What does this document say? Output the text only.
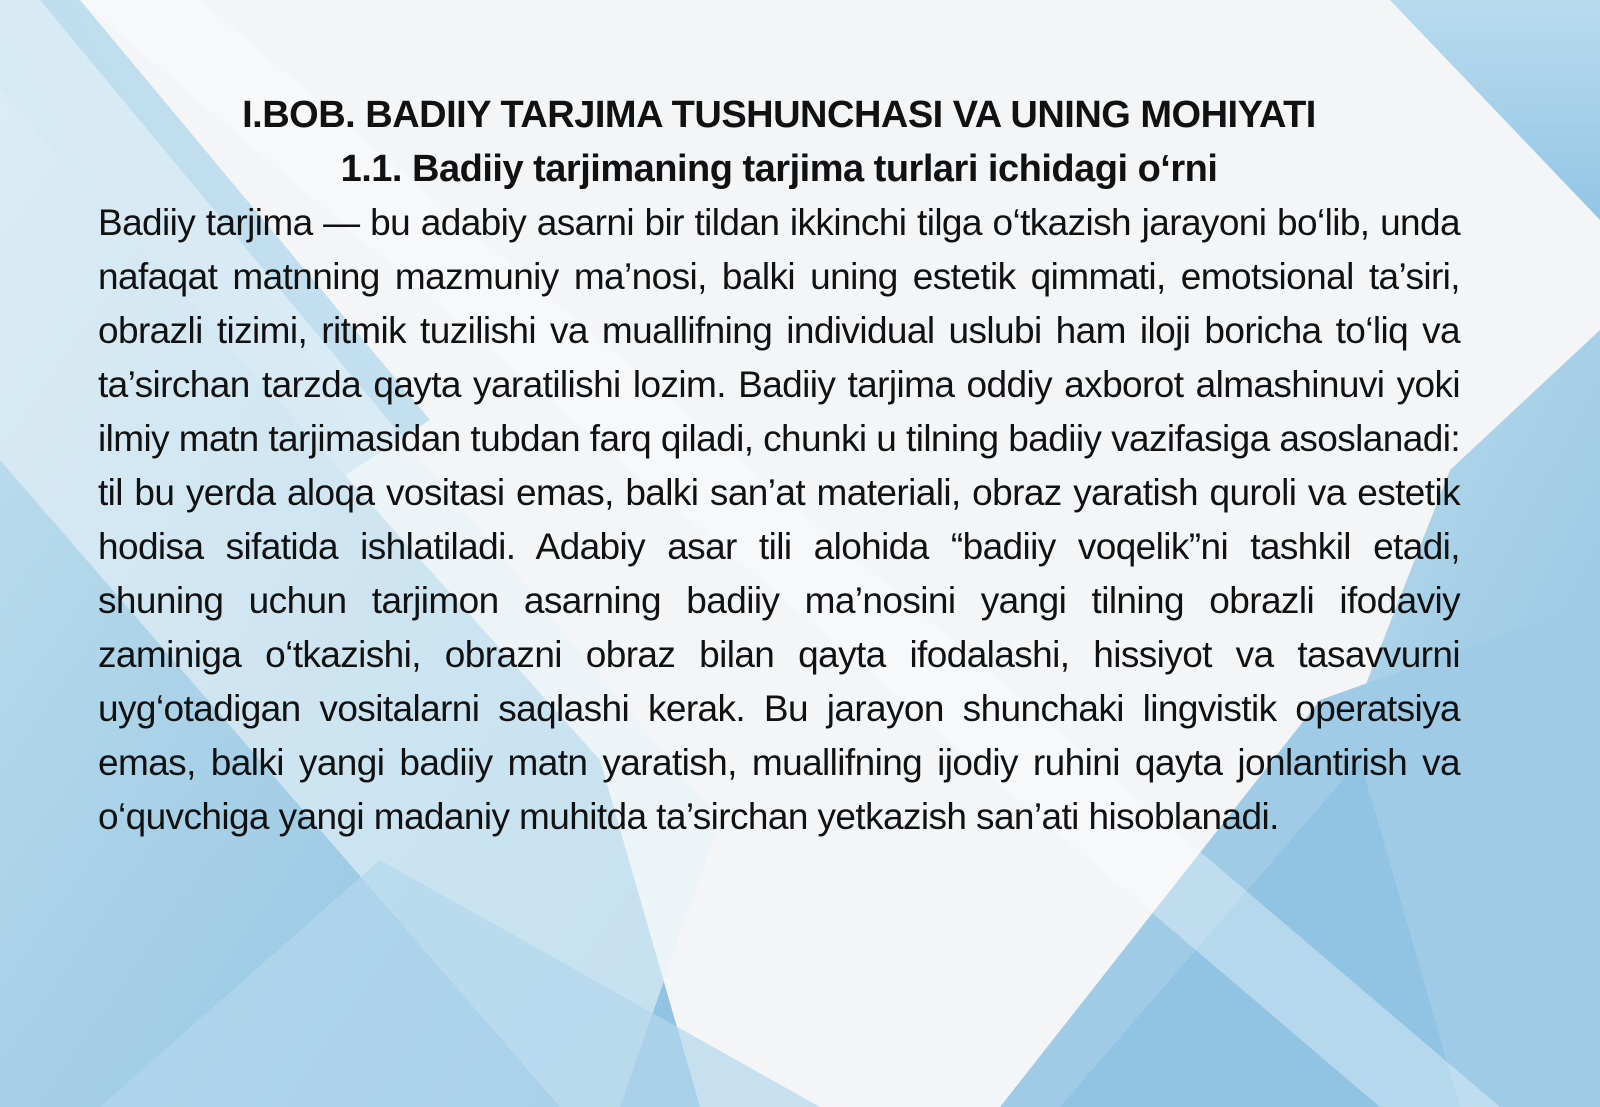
I.BOB. BADIIY TARJIMA TUSHUNCHASI VA UNING MOHIYATI
1.1. Badiiy tarjimaning tarjima turlari ichidagi o‘rni

Badiiy tarjima — bu adabiy asarni bir tildan ikkinchi tilga o‘tkazish jarayoni bo‘lib, unda nafaqat matnning mazmuniy ma’nosi, balki uning estetik qimmati, emotsional ta’siri, obrazli tizimi, ritmik tuzilishi va muallifning individual uslubi ham iloji boricha to‘liq va ta’sirchan tarzda qayta yaratilishi lozim. Badiiy tarjima oddiy axborot almashinuvi yoki ilmiy matn tarjimasidan tubdan farq qiladi, chunki u tilning badiiy vazifasiga asoslanadi: til bu yerda aloqa vositasi emas, balki san’at materiali, obraz yaratish quroli va estetik hodisa sifatida ishlatiladi. Adabiy asar tili alohida “badiiy voqelik”ni tashkil etadi, shuning uchun tarjimon asarning badiiy ma’nosini yangi tilning obrazli ifodaviy zaminiga o‘tkazishi, obrazni obraz bilan qayta ifodalashi, hissiyot va tasavvurni uyg‘otadigan vositalarni saqlashi kerak. Bu jarayon shunchaki lingvistik operatsiya emas, balki yangi badiiy matn yaratish, muallifning ijodiy ruhini qayta jonlantirish va o‘quvchiga yangi madaniy muhitda ta’sirchan yetkazish san’ati hisoblanadi.
